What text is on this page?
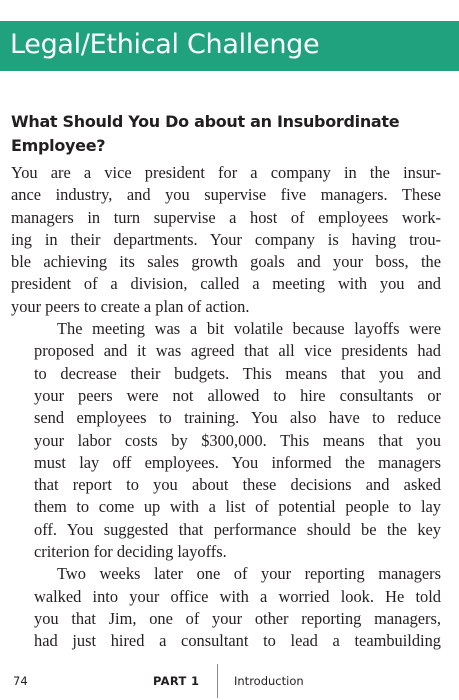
Legal/Ethical Challenge
What Should You Do about an Insubordinate Employee?

You are a vice president for a company in the insur-
ance industry, and you supervise five managers. These
managers in turn supervise a host of employees work-
ing in their departments. Your company is having trou-
ble achieving its sales growth goals and your boss, the
president of a division, called a meeting with you and
your peers to create a plan of action.

The meeting was a bit volatile because layoffs were
proposed and it was agreed that all vice presidents had
to decrease their budgets. This means that you and
your peers were not allowed to hire consultants or
send employees to training. You also have to reduce
your labor costs by $300,000. This means that you
must lay off employees. You informed the managers
that report to you about these decisions and asked
them to come up with a list of potential people to lay
off. You suggested that performance should be the key
criterion for deciding layoffs.

Two weeks later one of your reporting managers
walked into your office with a worried look. He told
you that Jim, one of your other reporting managers,
had just hired a consultant to lead a teambuilding

74	PART 1	Introduction
